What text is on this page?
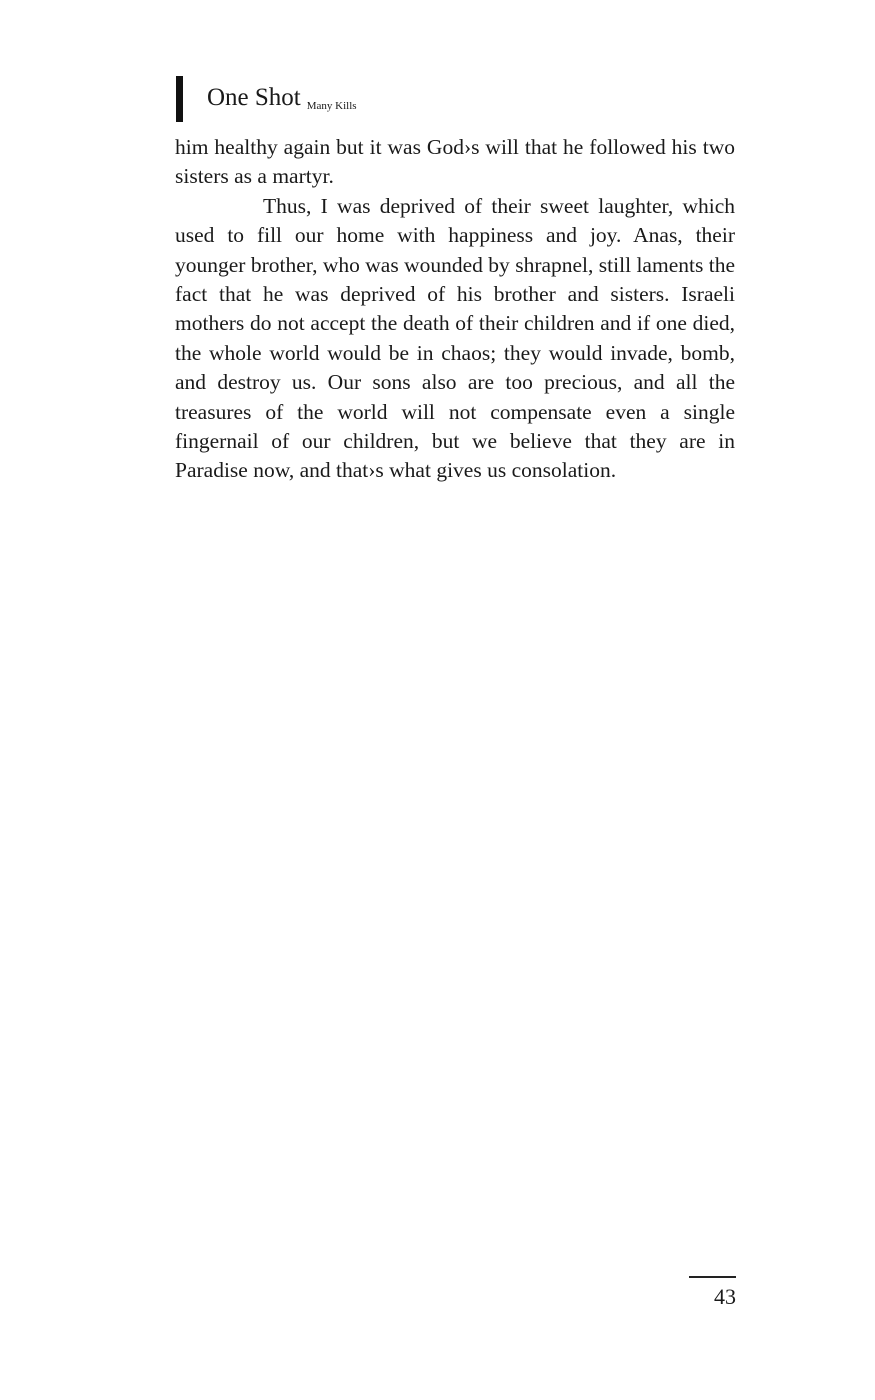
One Shot Many Kills

him healthy again but it was God›s will that he followed his two sisters as a martyr.

Thus, I was deprived of their sweet laughter, which used to fill our home with happiness and joy. Anas, their younger brother, who was wounded by shrapnel, still laments the fact that he was deprived of his brother and sisters. Israeli mothers do not accept the death of their children and if one died, the whole world would be in chaos; they would invade, bomb, and destroy us. Our sons also are too precious, and all the treasures of the world will not compensate even a single fingernail of our children, but we believe that they are in Paradise now, and that›s what gives us consolation.

43
